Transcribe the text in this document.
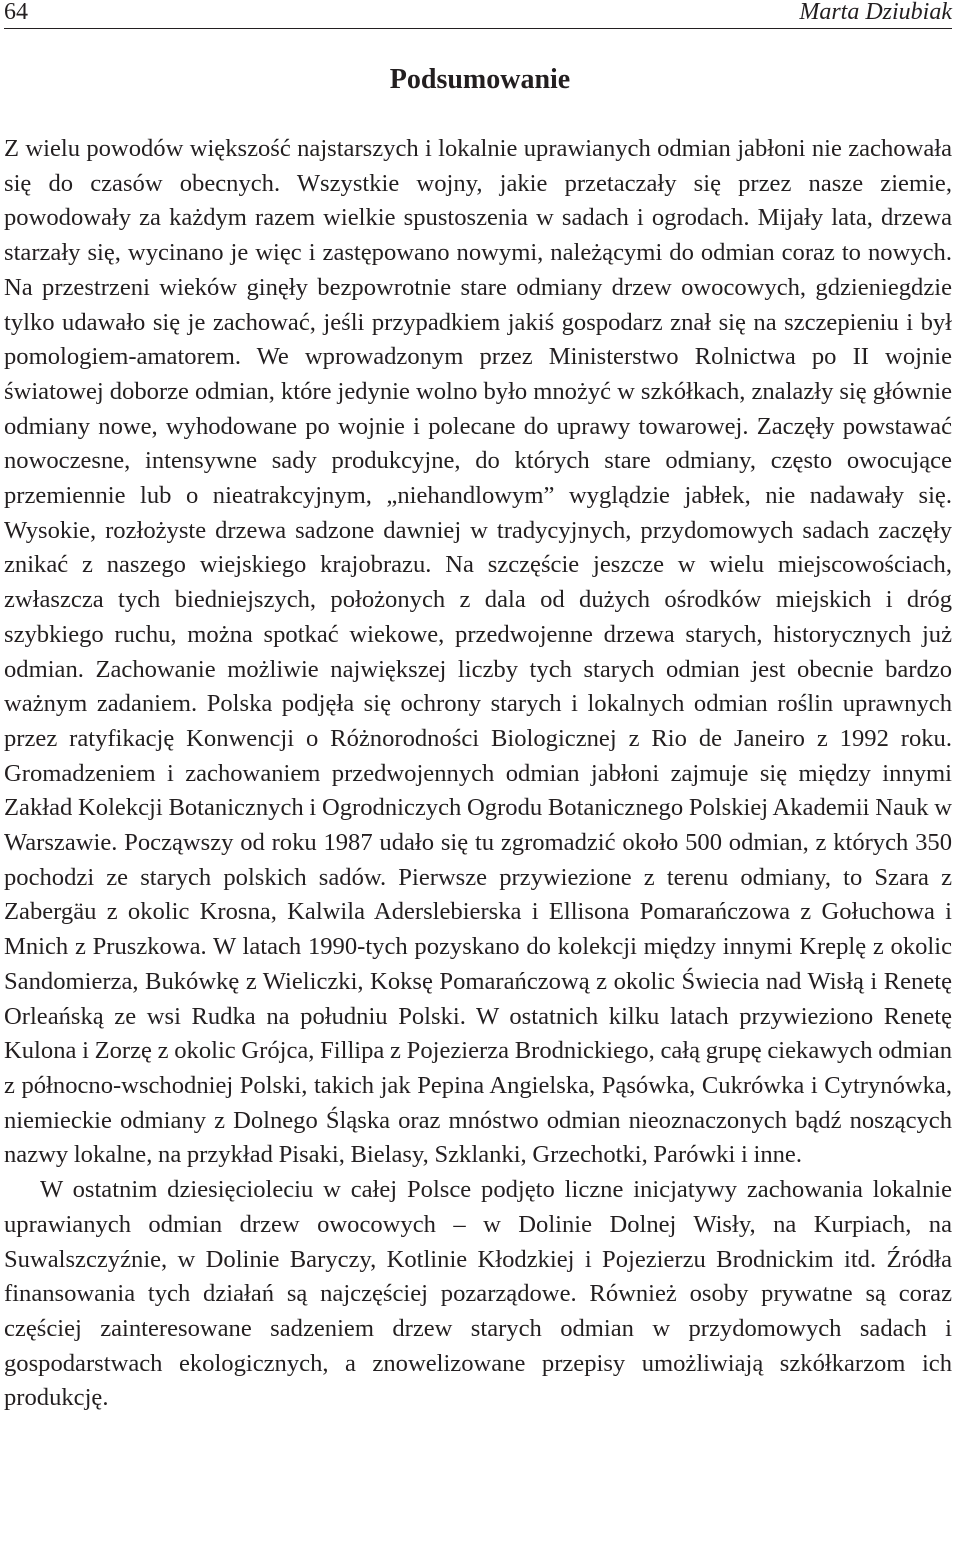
64	Marta Dziubiak
Podsumowanie

Z wielu powodów większość najstarszych i lokalnie uprawianych odmian jabłoni nie zachowała się do czasów obecnych. Wszystkie wojny, jakie przetaczały się przez nasze ziemie, powodowały za każdym razem wielkie spustoszenia w sadach i ogrodach. Mijały lata, drzewa starzały się, wycinano je więc i zastępowano nowymi, należącymi do odmian coraz to nowych. Na przestrzeni wieków ginęły bezpowrotnie stare odmiany drzew owocowych, gdzieniegdzie tylko udawało się je zachować, jeśli przypadkiem jakiś gospodarz znał się na szczepieniu i był pomologiem-amatorem. We wprowadzonym przez Ministerstwo Rolnictwa po II wojnie światowej doborze odmian, które jedynie wolno było mnożyć w szkółkach, znalazły się głównie odmiany nowe, wyhodowane po wojnie i polecane do uprawy towarowej. Zaczęły powstawać nowoczesne, intensywne sady produkcyjne, do których stare odmiany, często owocujące przemiennie lub o nieatrakcyjnym, „niehandlowym” wyglądzie jabłek, nie nadawały się. Wysokie, rozłożyste drzewa sadzone dawniej w tradycyjnych, przydomowych sadach zaczęły znikać z naszego wiejskiego krajobrazu. Na szczęście jeszcze w wielu miejscowościach, zwłaszcza tych biedniejszych, położonych z dala od dużych ośrodków miejskich i dróg szybkiego ruchu, można spotkać wiekowe, przedwojenne drzewa starych, historycznych już odmian. Zachowanie możliwie największej liczby tych starych odmian jest obecnie bardzo ważnym zadaniem. Polska podjęła się ochrony starych i lokalnych odmian roślin uprawnych przez ratyfikację Konwencji o Różnorodności Biologicznej z Rio de Janeiro z 1992 roku. Gromadzeniem i zachowaniem przedwojennych odmian jabłoni zajmuje się między innymi Zakład Kolekcji Botanicznych i Ogrodniczych Ogrodu Botanicznego Polskiej Akademii Nauk w Warszawie. Począwszy od roku 1987 udało się tu zgromadzić około 500 odmian, z których 350 pochodzi ze starych polskich sadów. Pierwsze przywiezione z terenu odmiany, to Szara z Zabergäu z okolic Krosna, Kalwila Aderslebierska i Ellisona Pomarańczowa z Gołuchowa i Mnich z Pruszkowa. W latach 1990-tych pozyskano do kolekcji między innymi Kreplę z okolic Sandomierza, Bukówkę z Wieliczki, Koksę Pomarańczową z okolic Świecia nad Wisłą i Renetę Orleańską ze wsi Rudka na południu Polski. W ostatnich kilku latach przywieziono Renetę Kulona i Zorzę z okolic Grójca, Fillipa z Pojezierza Brodnickiego, całą grupę ciekawych odmian z północno-wschodniej Polski, takich jak Pepina Angielska, Pąsówka, Cukrówka i Cytrynówka, niemieckie odmiany z Dolnego Śląska oraz mnóstwo odmian nieoznaczonych bądź noszących nazwy lokalne, na przykład Pisaki, Bielasy, Szklanki, Grzechotki, Parówki i inne.

W ostatnim dziesięcioleciu w całej Polsce podjęto liczne inicjatywy zachowania lokalnie uprawianych odmian drzew owocowych – w Dolinie Dolnej Wisły, na Kurpiach, na Suwalszczyźnie, w Dolinie Baryczy, Kotlinie Kłodzkiej i Pojezierzu Brodnickim itd. Źródła finansowania tych działań są najczęściej pozarządowe. Również osoby prywatne są coraz częściej zainteresowane sadzeniem drzew starych odmian w przydomowych sadach i gospodarstwach ekologicznych, a znowelizowane przepisy umożliwiają szkółkarzom ich produkcję.
